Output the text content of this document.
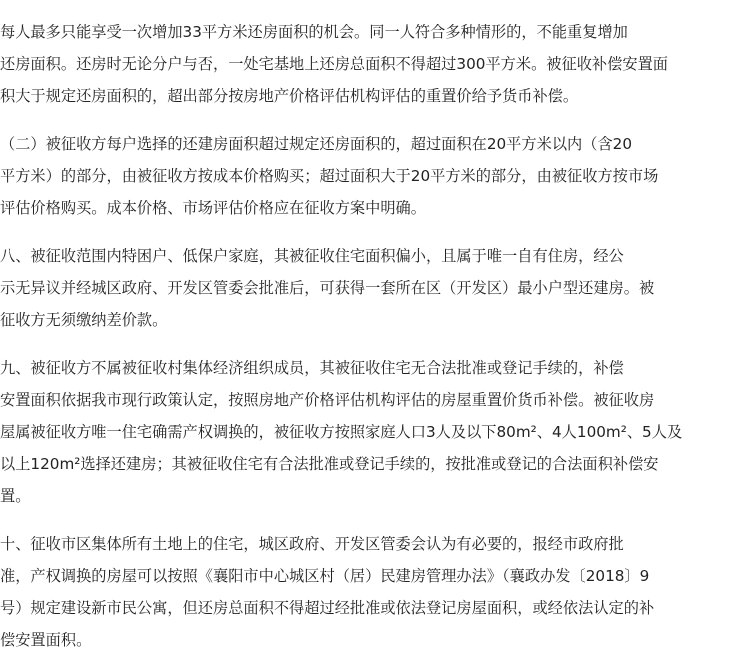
每人最多只能享受一次增加33平方米还房面积的机会。同一人符合多种情形的，不能重复增加
还房面积。还房时无论分户与否，一处宅基地上还房总面积不得超过300平方米。被征收补偿安置面
积大于规定还房面积的，超出部分按房地产价格评估机构评估的重置价给予货币补偿。
（二）被征收方每户选择的还建房面积超过规定还房面积的，超过面积在20平方米以内（含20
平方米）的部分，由被征收方按成本价格购买；超过面积大于20平方米的部分，由被征收方按市场
评估价格购买。成本价格、市场评估价格应在征收方案中明确。
八、被征收范围内特困户、低保户家庭，其被征收住宅面积偏小，且属于唯一自有住房，经公
示无异议并经城区政府、开发区管委会批准后，可获得一套所在区（开发区）最小户型还建房。被
征收方无须缴纳差价款。
九、被征收方不属被征收村集体经济组织成员，其被征收住宅无合法批准或登记手续的，补偿
安置面积依据我市现行政策认定，按照房地产价格评估机构评估的房屋重置价货币补偿。被征收房
屋属被征收方唯一住宅确需产权调换的，被征收方按照家庭人口3人及以下80m²、4人100m²、5人及
以上120m²选择还建房；其被征收住宅有合法批准或登记手续的，按批准或登记的合法面积补偿安
置。
十、征收市区集体所有土地上的住宅，城区政府、开发区管委会认为有必要的，报经市政府批
准，产权调换的房屋可以按照《襄阳市中心城区村（居）民建房管理办法》（襄政办发〔2018〕9
号）规定建设新市民公寓，但还房总面积不得超过经批准或依法登记房屋面积，或经依法认定的补
偿安置面积。
